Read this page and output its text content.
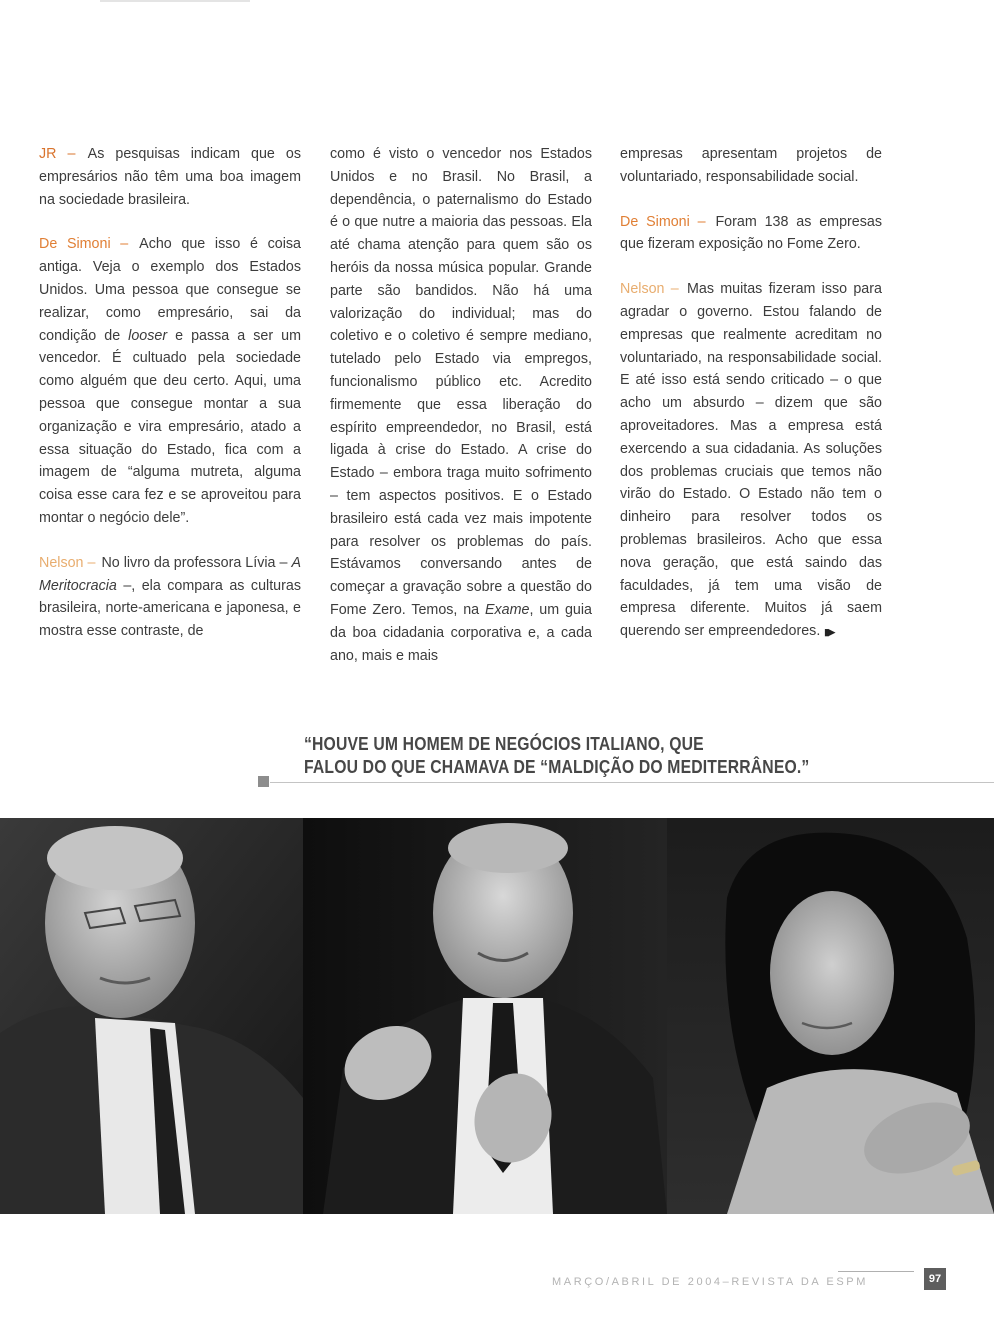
JR – As pesquisas indicam que os empresários não têm uma boa imagem na sociedade brasileira.

De Simoni – Acho que isso é coisa antiga. Veja o exemplo dos Estados Unidos. Uma pessoa que consegue se realizar, como empresário, sai da condição de looser e passa a ser um vencedor. É cultuado pela sociedade como alguém que deu certo. Aqui, uma pessoa que consegue montar a sua organização e vira empresário, atado a essa situação do Estado, fica com a imagem de “alguma mutreta, alguma coisa esse cara fez e se aproveitou para montar o negócio dele”.

Nelson – No livro da professora Lívia – A Meritocracia –, ela compara as culturas brasileira, norte-americana e japonesa, e mostra esse contraste, de

como é visto o vencedor nos Estados Unidos e no Brasil. No Brasil, a dependência, o paternalismo do Estado é o que nutre a maioria das pessoas. Ela até chama atenção para quem são os heróis da nossa música popular. Grande parte são bandidos. Não há uma valorização do individual; mas do coletivo e o coletivo é sempre mediano, tutelado pelo Estado via empregos, funcionalismo público etc. Acredito firmemente que essa liberação do espírito empreendedor, no Brasil, está ligada à crise do Estado. A crise do Estado – embora traga muito sofrimento – tem aspectos positivos. E o Estado brasileiro está cada vez mais impotente para resolver os problemas do país. Estávamos conversando antes de começar a gravação sobre a questão do Fome Zero. Temos, na Exame, um guia da boa cidadania corporativa e, a cada ano, mais e mais

empresas apresentam projetos de voluntariado, responsabilidade social.

De Simoni – Foram 138 as empresas que fizeram exposição no Fome Zero.

Nelson – Mas muitas fizeram isso para agradar o governo. Estou falando de empresas que realmente acreditam no voluntariado, na responsabilidade social. E até isso está sendo criticado – o que acho um absurdo – dizem que são aproveitadores. Mas a empresa está exercendo a sua cidadania. As soluções dos problemas cruciais que temos não virão do Estado. O Estado não tem o dinheiro para resolver todos os problemas brasileiros. Acho que essa nova geração, que está saindo das faculdades, já tem uma visão de empresa diferente. Muitos já saem querendo ser empreendedores. ▮▶

“HOUVE UM HOMEM DE NEGÓCIOS ITALIANO, QUE
FALOU DO QUE CHAMAVA DE “MALDIÇÃO DO MEDITERRÂNEO.”
MARÇO/ABRIL DE 2004–REVISTA DA ESPM	97
